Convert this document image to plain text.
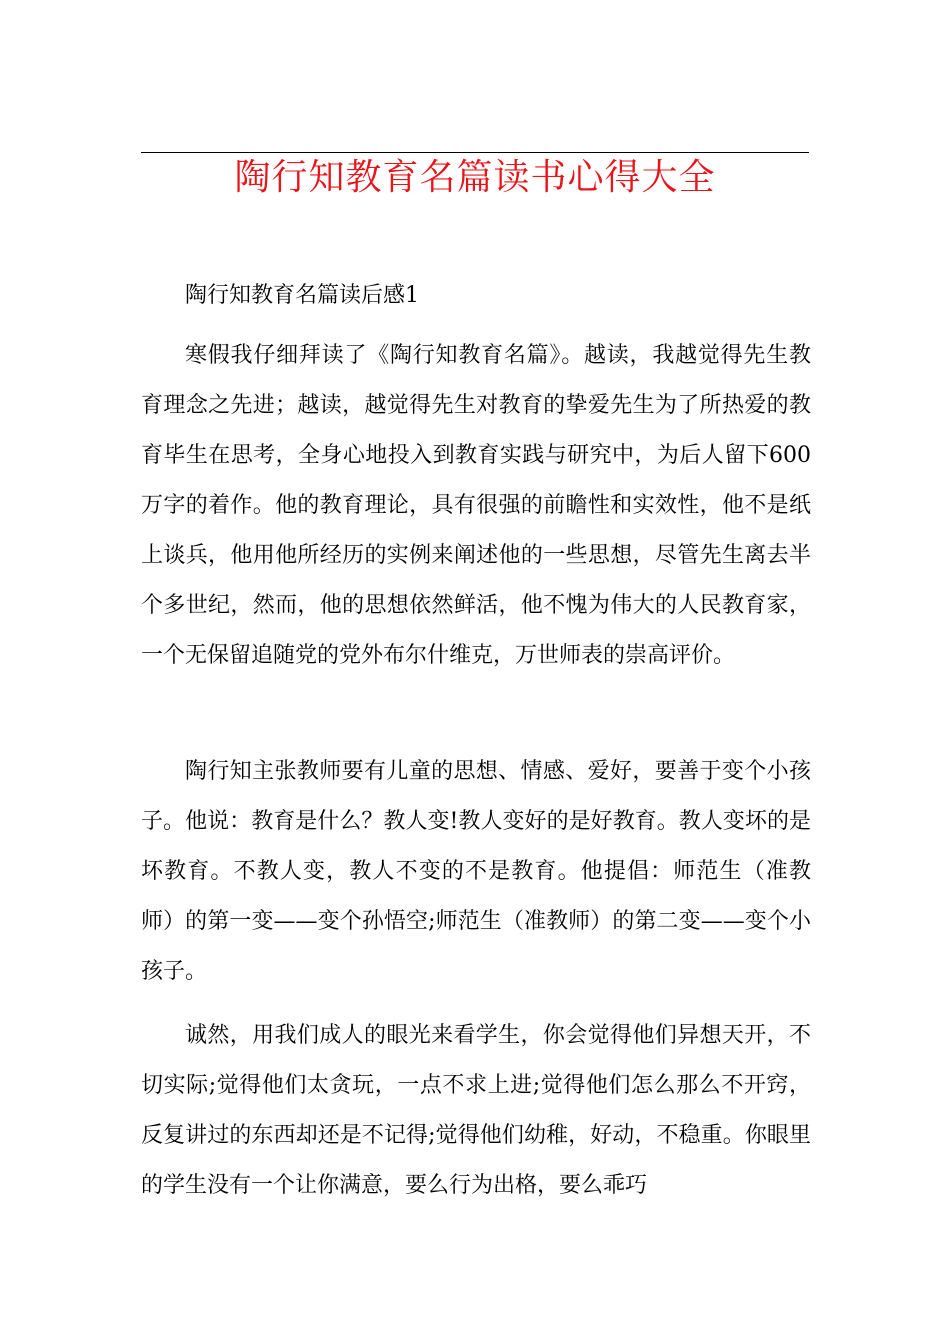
陶行知教育名篇读书心得大全

陶行知教育名篇读后感1

寒假我仔细拜读了《陶行知教育名篇》。越读，我越觉得先生教育理念之先进；越读，越觉得先生对教育的挚爱先生为了所热爱的教育毕生在思考，全身心地投入到教育实践与研究中，为后人留下600万字的着作。他的教育理论，具有很强的前瞻性和实效性，他不是纸上谈兵，他用他所经历的实例来阐述他的一些思想，尽管先生离去半个多世纪，然而，他的思想依然鲜活，他不愧为伟大的人民教育家，一个无保留追随党的党外布尔什维克，万世师表的崇高评价。

陶行知主张教师要有儿童的思想、情感、爱好，要善于变个小孩子。他说：教育是什么？教人变!教人变好的是好教育。教人变坏的是坏教育。不教人变，教人不变的不是教育。他提倡：师范生（准教师）的第一变——变个孙悟空;师范生（准教师）的第二变——变个小孩子。

诚然，用我们成人的眼光来看学生，你会觉得他们异想天开，不切实际;觉得他们太贪玩，一点不求上进;觉得他们怎么那么不开窍，反复讲过的东西却还是不记得;觉得他们幼稚，好动，不稳重。你眼里的学生没有一个让你满意，要么行为出格，要么乖巧
